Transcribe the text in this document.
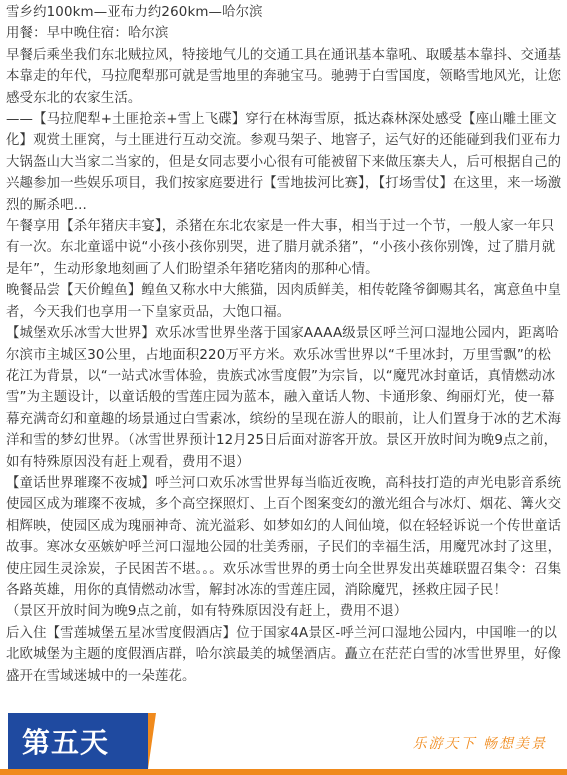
雪乡约100km—亚布力约260km—哈尔滨

用餐：早中晚住宿：哈尔滨

早餐后乘坐我们东北贼拉风，特接地气儿的交通工具在通讯基本靠吼、取暖基本靠抖、交通基本靠走的年代，马拉爬犁那可就是雪地里的奔驰宝马。驰骋于白雪国度，领略雪地风光，让您感受东北的农家生活。

——【马拉爬犁+土匪抢亲+雪上飞碟】穿行在林海雪原，抵达森林深处感受【座山雕土匪文化】观赏土匪窝，与土匪进行互动交流。参观马架子、地窨子，运气好的还能碰到我们亚布力大锅盔山大当家二当家的，但是女同志要小心很有可能被留下来做压寨夫人，后可根据自己的兴趣参加一些娱乐项目，我们按家庭要进行【雪地拔河比赛】，【打场雪仗】在这里，来一场激烈的厮杀吧...

午餐享用【杀年猪庆丰宴】，杀猪在东北农家是一件大事，相当于过一个节，一般人家一年只有一次。东北童谣中说“小孩小孩你别哭，进了腊月就杀猪”，“小孩小孩你别馋，过了腊月就是年”，生动形象地刻画了人们盼望杀年猪吃猪肉的那种心情。

晚餐品尝【天价鳇鱼】鳇鱼又称水中大熊猫，因肉质鲜美，相传乾隆爷御赐其名，寓意鱼中皇者，今天我们也享用一下皇家贡品，大饱口福。

【城堡欢乐冰雪大世界】欢乐冰雪世界坐落于国家AAAA级景区呼兰河口湿地公园内，距离哈尔滨市主城区30公里，占地面积220万平方米。欢乐冰雪世界以“千里冰封，万里雪飘”的松花江为背景，以“一站式冰雪体验，贵族式冰雪度假”为宗旨，以“魔咒冰封童话，真情燃动冰雪”为主题设计，以童话般的雪莲庄园为蓝本，融入童话人物、卡通形象、绚丽灯光，使一幕幕充满奇幻和童趣的场景通过白雪素冰，缤纷的呈现在游人的眼前，让人们置身于冰的艺术海洋和雪的梦幻世界。（冰雪世界预计12月25日后面对游客开放。景区开放时间为晚9点之前，如有特殊原因没有赶上观看，费用不退）

【童话世界璀璨不夜城】呼兰河口欢乐冰雪世界每当临近夜晚，高科技打造的声光电影音系统使园区成为璀璨不夜城，多个高空探照灯、上百个图案变幻的激光组合与冰灯、烟花、篝火交相辉映，使园区成为瑰丽神奇、流光溢彩、如梦如幻的人间仙境，似在轻轻诉说一个传世童话故事。寒冰女巫嫉妒呼兰河口湿地公园的壮美秀丽，子民们的幸福生活，用魔咒冰封了这里，使庄园生灵涂炭，子民困苦不堪。。。欢乐冰雪世界的勇士向全世界发出英雄联盟召集令：召集各路英雄，用你的真情燃动冰雪，解封冰冻的雪莲庄园，消除魔咒，拯救庄园子民！

（景区开放时间为晚9点之前，如有特殊原因没有赶上，费用不退）

后入住【雪莲城堡五星冰雪度假酒店】位于国家4A景区-呼兰河口湿地公园内，中国唯一的以北欧城堡为主题的度假酒店群，哈尔滨最美的城堡酒店。矗立在茫茫白雪的冰雪世界里，好像盛开在雪域迷城中的一朵莲花。

第五天	乐游天下 畅想美景
